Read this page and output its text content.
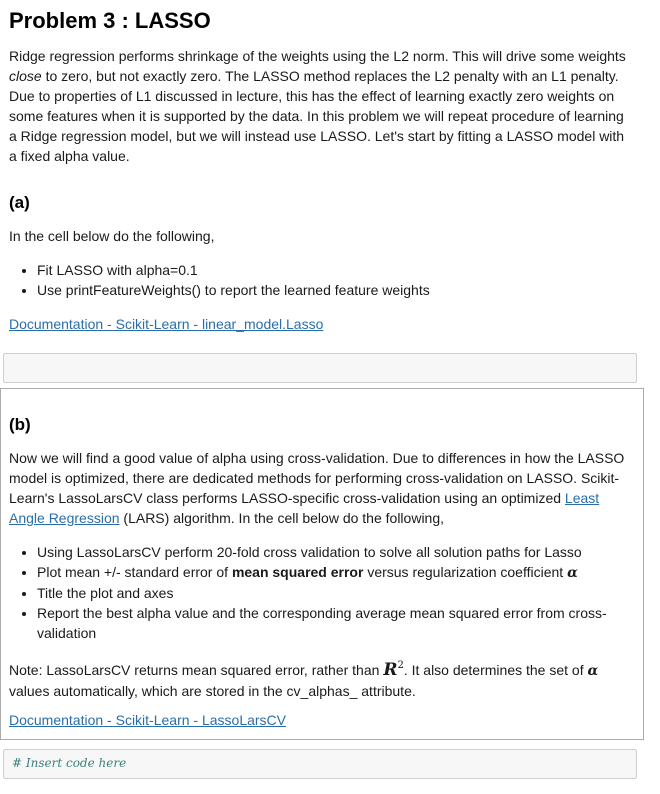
Problem 3 : LASSO

Ridge regression performs shrinkage of the weights using the L2 norm. This will drive some weights close to zero, but not exactly zero. The LASSO method replaces the L2 penalty with an L1 penalty. Due to properties of L1 discussed in lecture, this has the effect of learning exactly zero weights on some features when it is supported by the data. In this problem we will repeat procedure of learning a Ridge regression model, but we will instead use LASSO. Let's start by fitting a LASSO model with a fixed alpha value.

(a)
In the cell below do the following,
• Fit LASSO with alpha=0.1
• Use printFeatureWeights() to report the learned feature weights
Documentation - Scikit-Learn - linear_model.Lasso
(b)

Now we will find a good value of alpha using cross-validation. Due to differences in how the LASSO model is optimized, there are dedicated methods for performing cross-validation on LASSO. Scikit-Learn's LassoLarsCV class performs LASSO-specific cross-validation using an optimized Least Angle Regression (LARS) algorithm. In the cell below do the following,

• Using LassoLarsCV perform 20-fold cross validation to solve all solution paths for Lasso
• Plot mean +/- standard error of mean squared error versus regularization coefficient α
• Title the plot and axes
• Report the best alpha value and the corresponding average mean squared error from cross-validation

Note: LassoLarsCV returns mean squared error, rather than $R^2$. It also determines the set of α values automatically, which are stored in the cv_alphas_ attribute.

Documentation - Scikit-Learn - LassoLarsCV
# Insert code here
